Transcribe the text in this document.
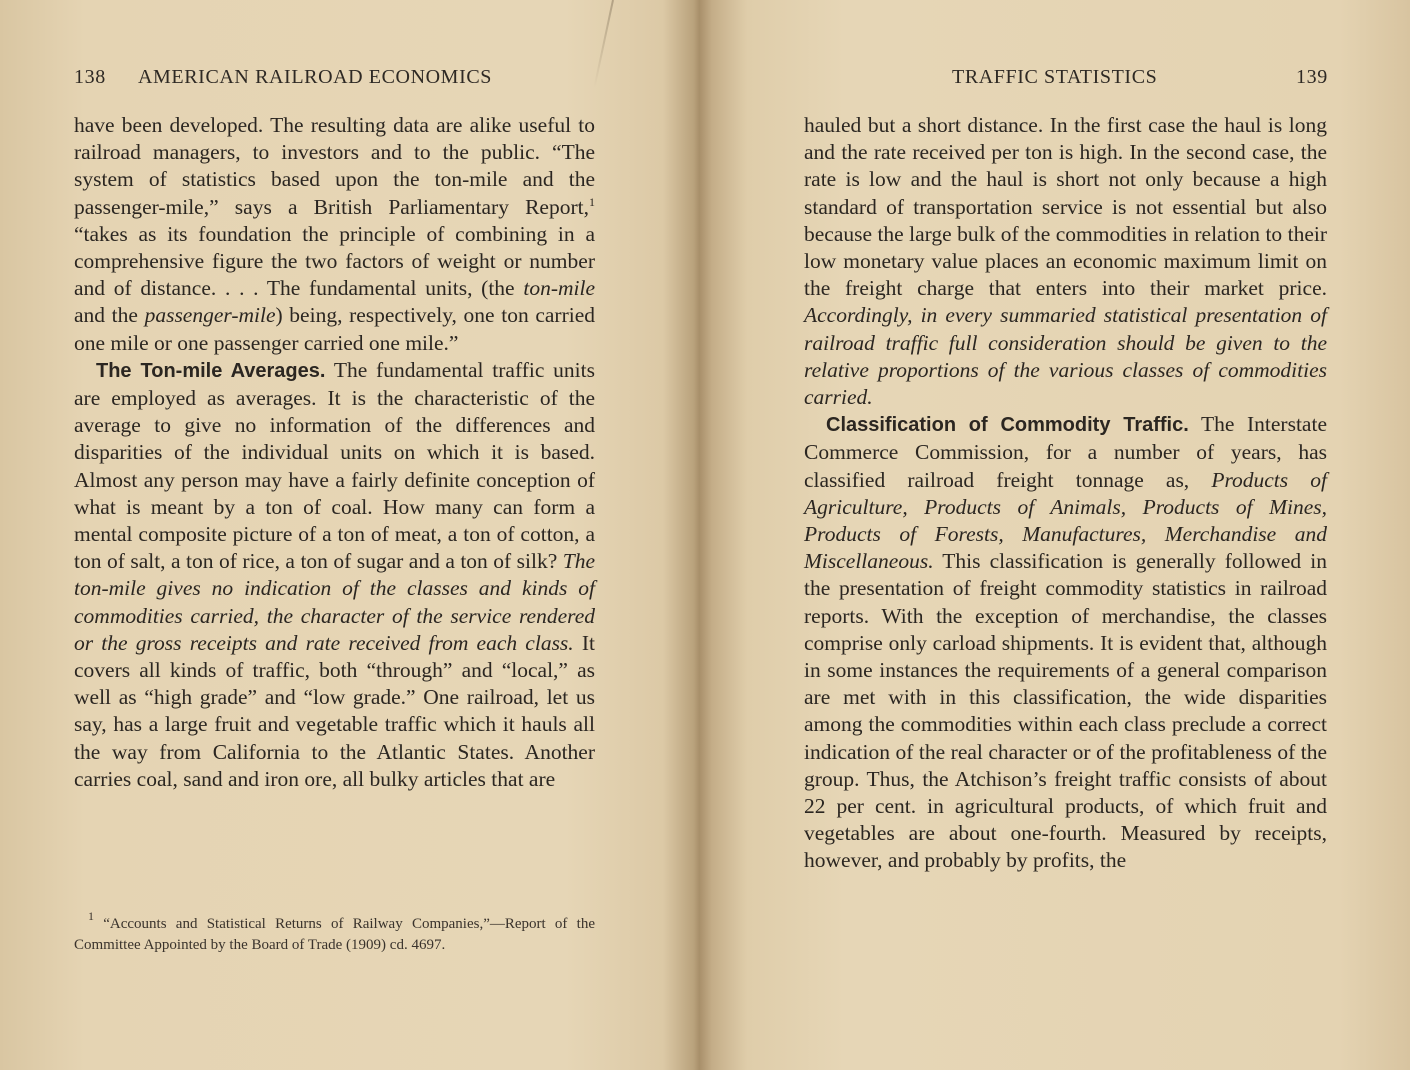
138 AMERICAN RAILROAD ECONOMICS

have been developed. The resulting data are alike useful to railroad managers, to investors and to the public. “The system of statistics based upon the ton-mile and the passenger-mile,” says a British Parliamentary Report,$^1$ “takes as its foundation the principle of combining in a comprehensive figure the two factors of weight or number and of distance. . . . The fundamental units, (the ton-mile and the passenger-mile) being, respectively, one ton carried one mile or one passenger carried one mile.”

The Ton-mile Averages. The fundamental traffic units are employed as averages. It is the characteristic of the average to give no information of the differences and disparities of the individual units on which it is based. Almost any person may have a fairly definite conception of what is meant by a ton of coal. How many can form a mental composite picture of a ton of meat, a ton of cotton, a ton of salt, a ton of rice, a ton of sugar and a ton of silk? The ton-mile gives no indication of the classes and kinds of commodities carried, the character of the service rendered or the gross receipts and rate received from each class. It covers all kinds of traffic, both “through” and “local,” as well as “high grade” and “low grade.” One railroad, let us say, has a large fruit and vegetable traffic which it hauls all the way from California to the Atlantic States. Another carries coal, sand and iron ore, all bulky articles that are

$^1$ “Accounts and Statistical Returns of Railway Companies,”—Report of the Committee Appointed by the Board of Trade (1909) cd. 4697.

TRAFFIC STATISTICS	139

hauled but a short distance. In the first case the haul is long and the rate received per ton is high. In the second case, the rate is low and the haul is short not only because a high standard of transportation service is not essential but also because the large bulk of the commodities in relation to their low monetary value places an economic maximum limit on the freight charge that enters into their market price. Accordingly, in every summaried statistical presentation of railroad traffic full consideration should be given to the relative proportions of the various classes of commodities carried.

Classification of Commodity Traffic. The Interstate Commerce Commission, for a number of years, has classified railroad freight tonnage as, Products of Agriculture, Products of Animals, Products of Mines, Products of Forests, Manufactures, Merchandise and Miscellaneous. This classification is generally followed in the presentation of freight commodity statistics in railroad reports. With the exception of merchandise, the classes comprise only carload shipments. It is evident that, although in some instances the requirements of a general comparison are met with in this classification, the wide disparities among the commodities within each class preclude a correct indication of the real character or of the profitableness of the group. Thus, the Atchison’s freight traffic consists of about 22 per cent. in agricultural products, of which fruit and vegetables are about one-fourth. Measured by receipts, however, and probably by profits, the
